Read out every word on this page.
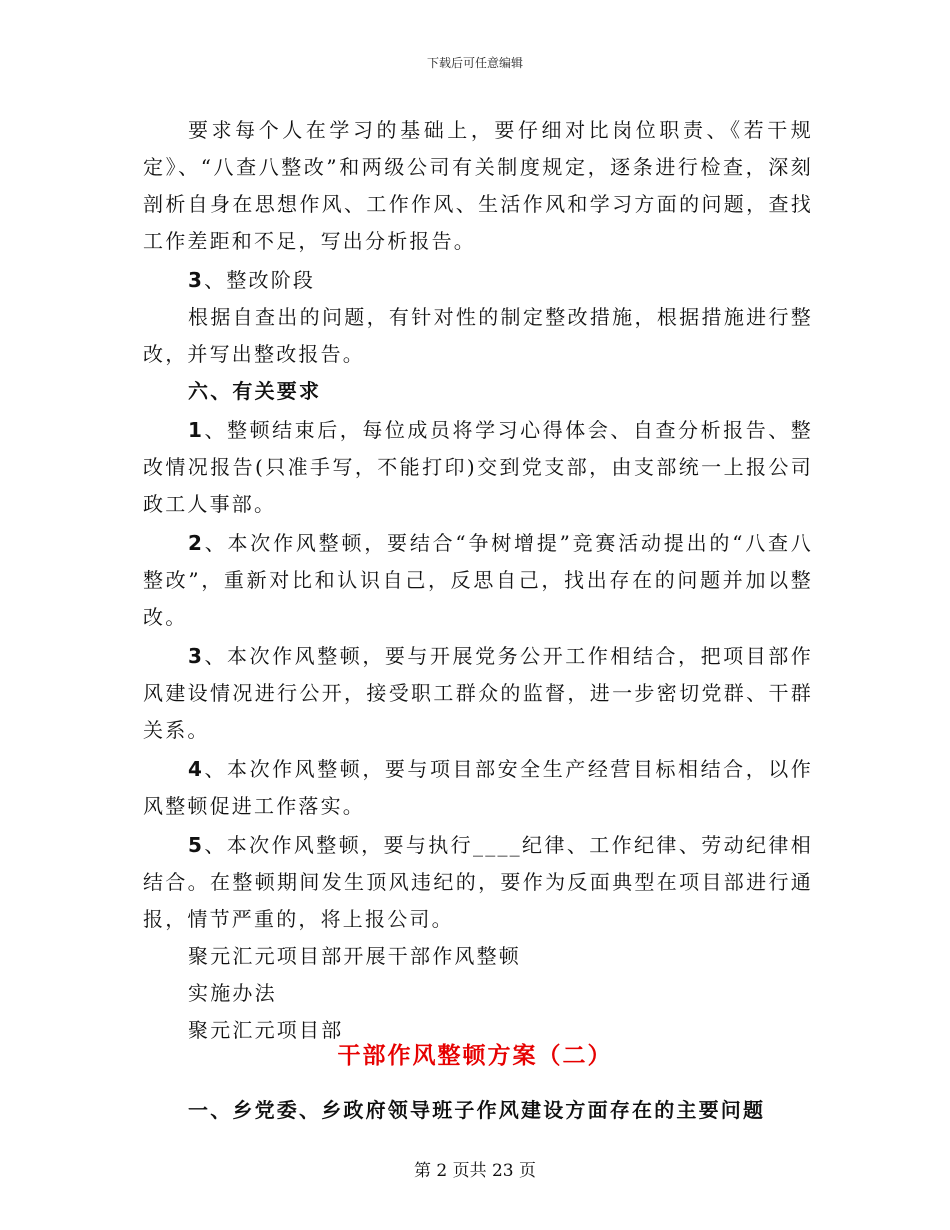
下载后可任意编辑

要求每个人在学习的基础上，要仔细对比岗位职责、《若干规定》、“八查八整改”和两级公司有关制度规定，逐条进行检查，深刻剖析自身在思想作风、工作作风、生活作风和学习方面的问题，查找工作差距和不足，写出分析报告。

3、整改阶段

根据自查出的问题，有针对性的制定整改措施，根据措施进行整改，并写出整改报告。

六、有关要求

1、整顿结束后，每位成员将学习心得体会、自查分析报告、整改情况报告(只准手写，不能打印)交到党支部，由支部统一上报公司政工人事部。

2、本次作风整顿，要结合“争树增提”竞赛活动提出的“八查八整改”，重新对比和认识自己，反思自己，找出存在的问题并加以整改。

3、本次作风整顿，要与开展党务公开工作相结合，把项目部作风建设情况进行公开，接受职工群众的监督，进一步密切党群、干群关系。

4、本次作风整顿，要与项目部安全生产经营目标相结合，以作风整顿促进工作落实。

5、本次作风整顿，要与执行____纪律、工作纪律、劳动纪律相结合。在整顿期间发生顶风违纪的，要作为反面典型在项目部进行通报，情节严重的，将上报公司。

聚元汇元项目部开展干部作风整顿

实施办法

聚元汇元项目部

干部作风整顿方案（二）
一、乡党委、乡政府领导班子作风建设方面存在的主要问题
第 2 页共 23 页
